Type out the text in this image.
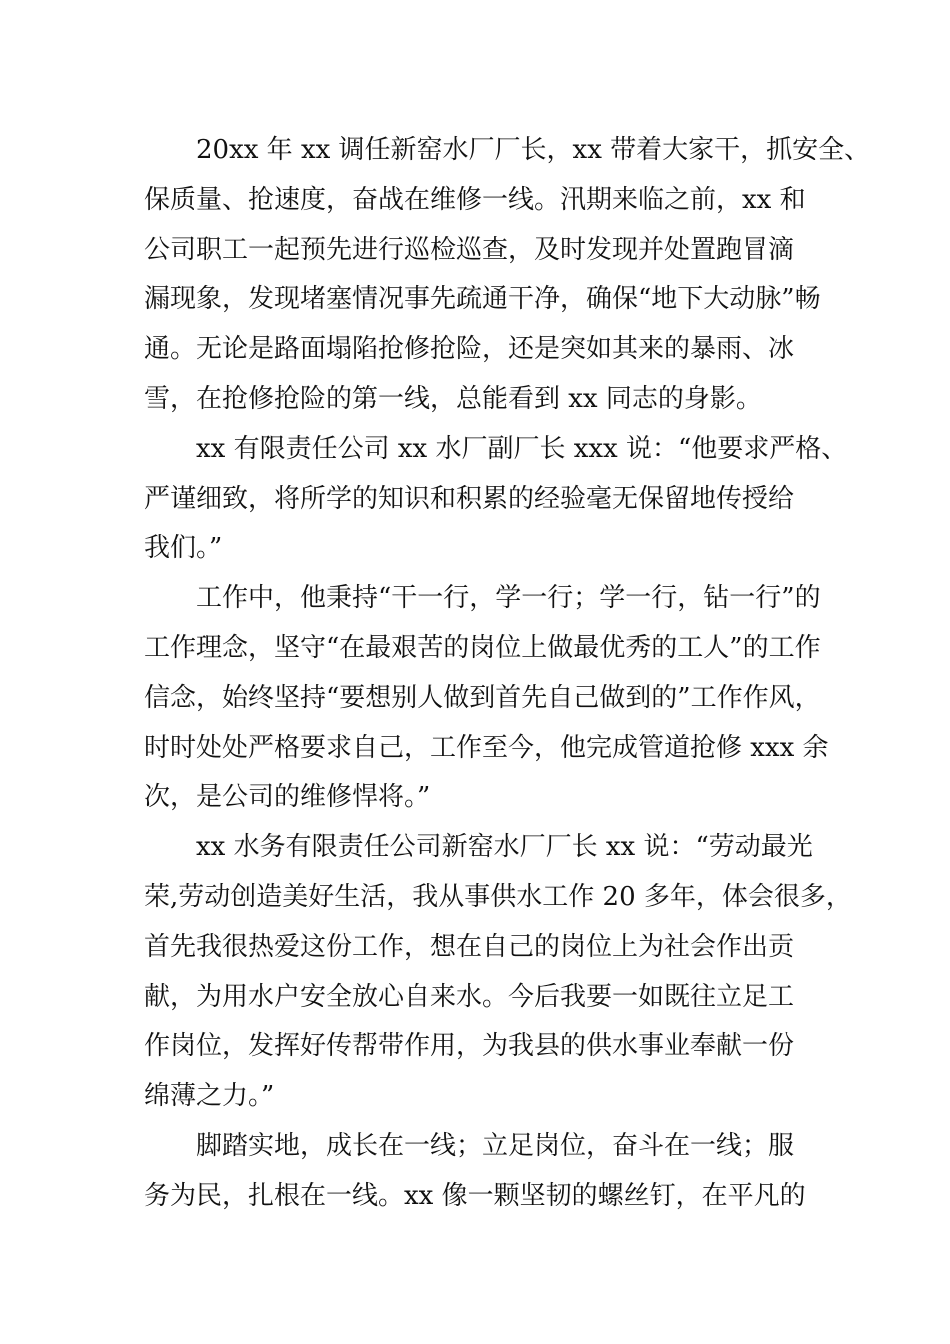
20xx 年 xx 调任新窑水厂厂长，xx 带着大家干，抓安全、
保质量、抢速度，奋战在维修一线。汛期来临之前，xx 和
公司职工一起预先进行巡检巡查，及时发现并处置跑冒滴
漏现象，发现堵塞情况事先疏通干净，确保“地下大动脉”畅
通。无论是路面塌陷抢修抢险，还是突如其来的暴雨、冰
雪，在抢修抢险的第一线，总能看到 xx 同志的身影。
xx 有限责任公司 xx 水厂副厂长 xxx 说：“他要求严格、
严谨细致，将所学的知识和积累的经验毫无保留地传授给
我们。”
工作中，他秉持“干一行，学一行；学一行，钻一行”的
工作理念，坚守“在最艰苦的岗位上做最优秀的工人”的工作
信念，始终坚持“要想别人做到首先自己做到的”工作作风，
时时处处严格要求自己，工作至今，他完成管道抢修 xxx 余
次，是公司的维修悍将。”
xx 水务有限责任公司新窑水厂厂长 xx 说：“劳动最光
荣,劳动创造美好生活，我从事供水工作 20 多年，体会很多，
首先我很热爱这份工作，想在自己的岗位上为社会作出贡
献，为用水户安全放心自来水。今后我要一如既往立足工
作岗位，发挥好传帮带作用，为我县的供水事业奉献一份
绵薄之力。”
脚踏实地，成长在一线；立足岗位，奋斗在一线；服
务为民，扎根在一线。xx 像一颗坚韧的螺丝钉，在平凡的
